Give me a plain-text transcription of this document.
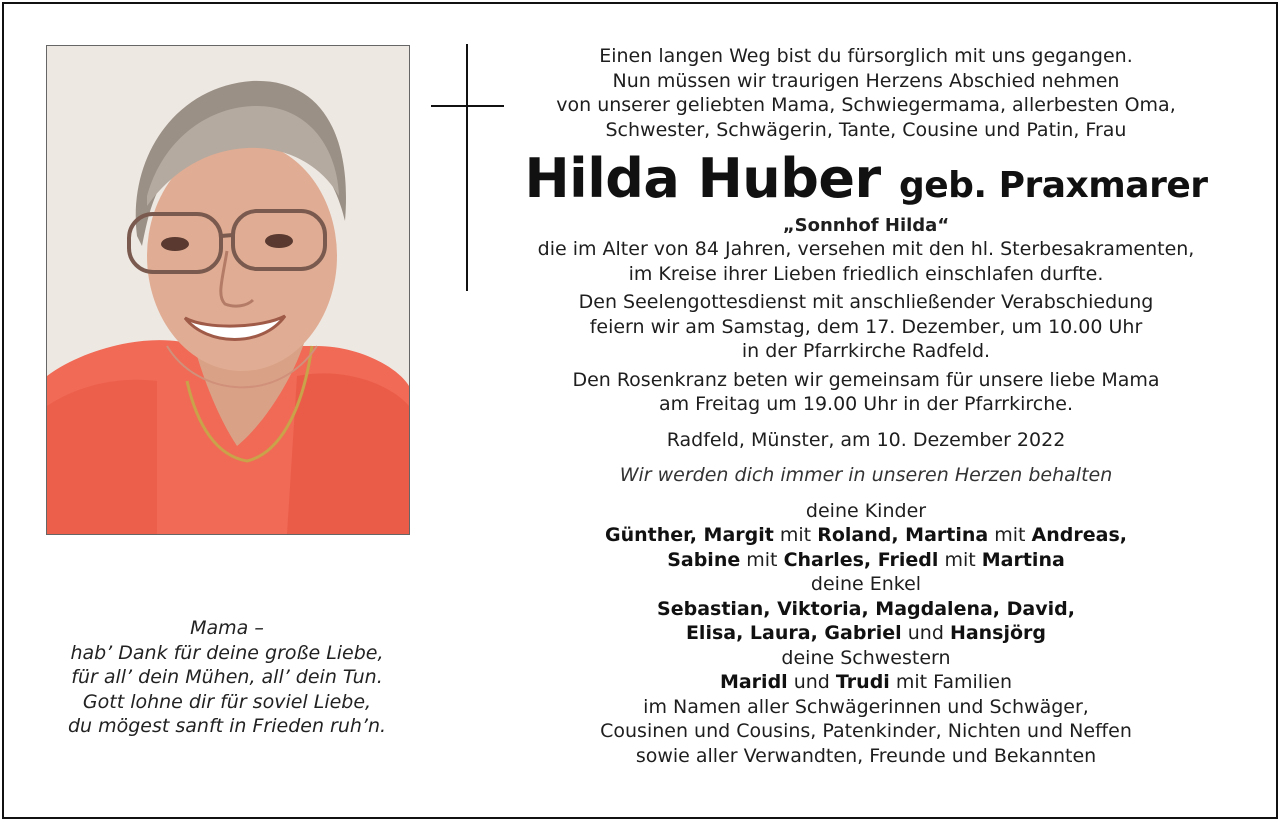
Mama –
hab’ Dank für deine große Liebe,
für all’ dein Mühen, all’ dein Tun.
Gott lohne dir für soviel Liebe,
du mögest sanft in Frieden ruh’n.
Einen langen Weg bist du fürsorglich mit uns gegangen.
Nun müssen wir traurigen Herzens Abschied nehmen
von unserer geliebten Mama, Schwiegermama, allerbesten Oma,
Schwester, Schwägerin, Tante, Cousine und Patin, Frau
Hilda Huber geb. Praxmarer
„Sonnhof Hilda“
die im Alter von 84 Jahren, versehen mit den hl. Sterbesakramenten,
im Kreise ihrer Lieben friedlich einschlafen durfte.
Den Seelengottesdienst mit anschließender Verabschiedung
feiern wir am Samstag, dem 17. Dezember, um 10.00 Uhr
in der Pfarrkirche Radfeld.
Den Rosenkranz beten wir gemeinsam für unsere liebe Mama
am Freitag um 19.00 Uhr in der Pfarrkirche.
Radfeld, Münster, am 10. Dezember 2022
Wir werden dich immer in unseren Herzen behalten
deine Kinder
Günther, Margit mit Roland, Martina mit Andreas,
Sabine mit Charles, Friedl mit Martina
deine Enkel
Sebastian, Viktoria, Magdalena, David,
Elisa, Laura, Gabriel und Hansjörg
deine Schwestern
Maridl und Trudi mit Familien
im Namen aller Schwägerinnen und Schwäger,
Cousinen und Cousins, Patenkinder, Nichten und Neffen
sowie aller Verwandten, Freunde und Bekannten
